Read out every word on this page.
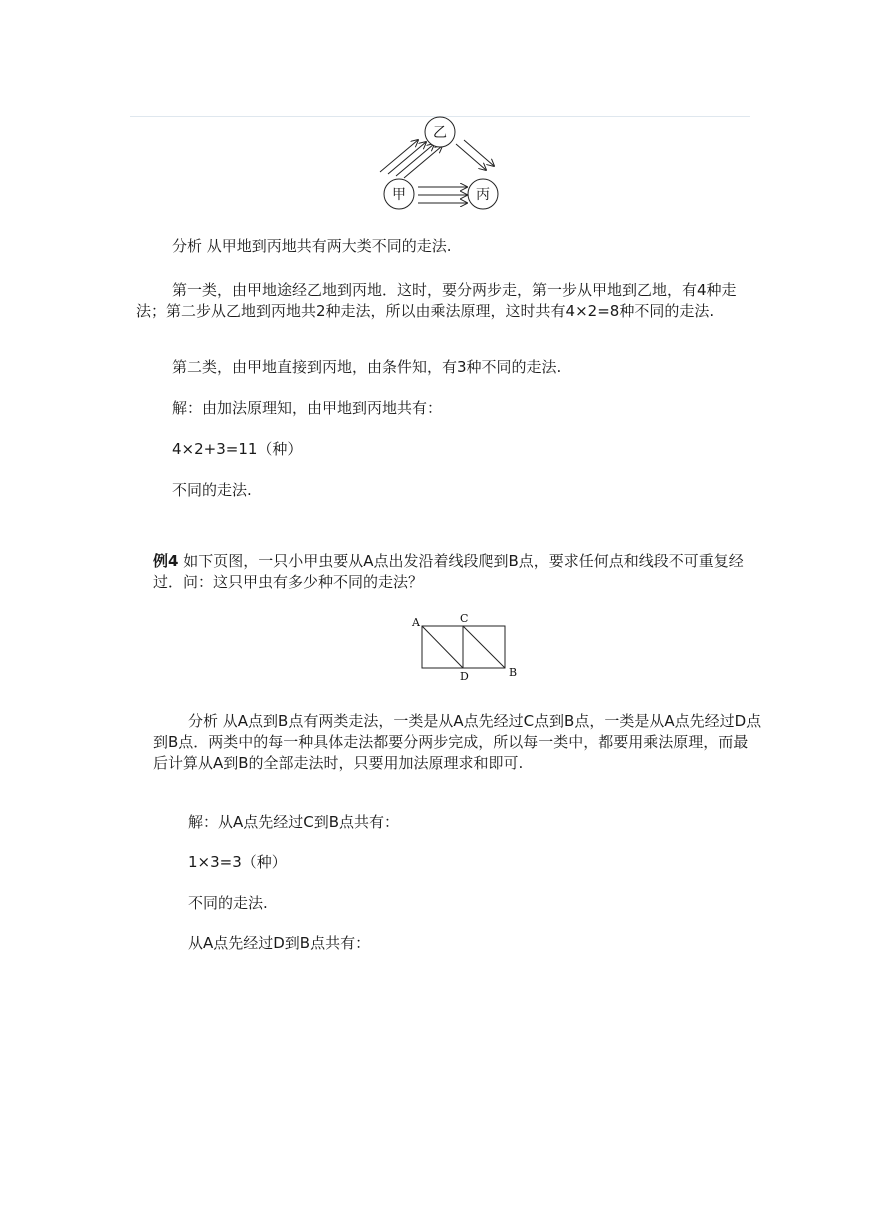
乙
甲	丙

分析 从甲地到丙地共有两大类不同的走法.

第一类，由甲地途经乙地到丙地．这时，要分两步走，第一步从甲地到乙地，有4种走法；第二步从乙地到丙地共2种走法，所以由乘法原理，这时共有4×2=8种不同的走法.

第二类，由甲地直接到丙地，由条件知，有3种不同的走法.

解：由加法原理知，由甲地到丙地共有：

4×2+3=11（种）

不同的走法.

例4 如下页图，一只小甲虫要从A点出发沿着线段爬到B点，要求任何点和线段不可重复经过．问：这只甲虫有多少种不同的走法？

A	C
D	B

分析 从A点到B点有两类走法，一类是从A点先经过C点到B点，一类是从A点先经过D点到B点．两类中的每一种具体走法都要分两步完成，所以每一类中，都要用乘法原理，而最后计算从A到B的全部走法时，只要用加法原理求和即可.

解：从A点先经过C到B点共有：

1×3=3（种）

不同的走法.

从A点先经过D到B点共有：
